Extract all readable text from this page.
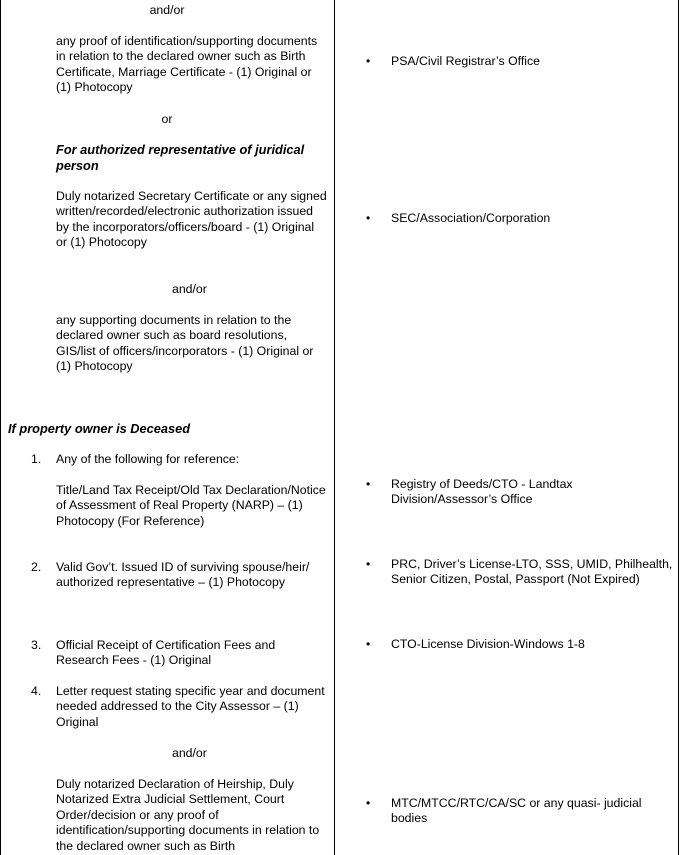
and/or

any proof of identification/supporting documents in relation to the declared owner such as Birth Certificate, Marriage Certificate - (1) Original or (1) Photocopy

or

For authorized representative of juridical person

Duly notarized Secretary Certificate or any signed written/recorded/electronic authorization issued by the incorporators/officers/board - (1) Original or (1) Photocopy

and/or

any supporting documents in relation to the declared owner such as board resolutions, GIS/list of officers/incorporators - (1) Original or (1) Photocopy

If property owner is Deceased

1. Any of the following for reference:

Title/Land Tax Receipt/Old Tax Declaration/Notice of Assessment of Real Property (NARP) – (1) Photocopy (For Reference)

2. Valid Gov’t. Issued ID of surviving spouse/heir/ authorized representative – (1) Photocopy

3. Official Receipt of Certification Fees and Research Fees - (1) Original

4. Letter request stating specific year and document needed addressed to the City Assessor – (1) Original

and/or

Duly notarized Declaration of Heirship, Duly Notarized Extra Judicial Settlement, Court Order/decision or any proof of identification/supporting documents in relation to the declared owner such as Birth

• PSA/Civil Registrar’s Office

• SEC/Association/Corporation

• Registry of Deeds/CTO - Landtax Division/Assessor’s Office

• PRC, Driver’s License-LTO, SSS, UMID, Philhealth, Senior Citizen, Postal, Passport (Not Expired)

• CTO-License Division-Windows 1-8

• MTC/MTCC/RTC/CA/SC or any quasi- judicial bodies
